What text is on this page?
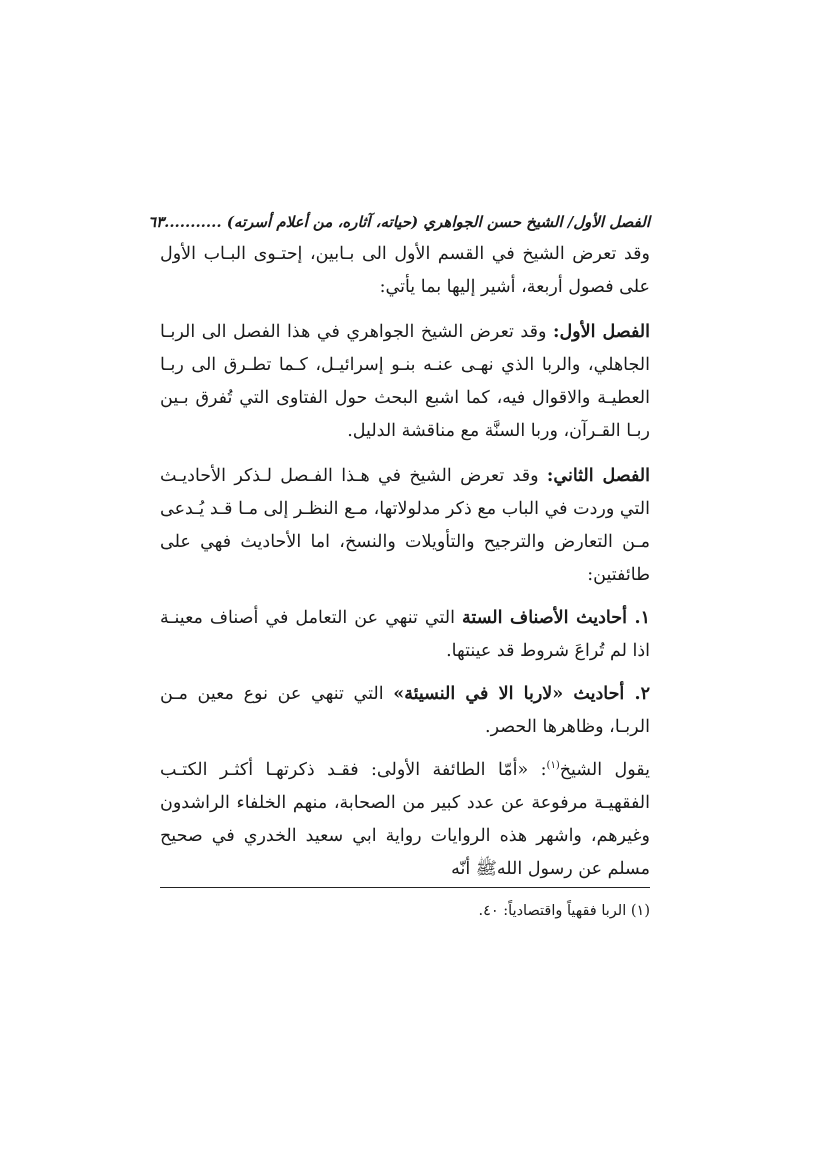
الفصل الأول/ الشيخ حسن الجواهري (حياته، آثاره، من أعلام أسرته) ...........
٦٣

وقد تعرض الشيخ في القسم الأول الى بـابين، إحتـوى البـاب الأول على فصول أربعة، أشير إليها بما يأتي:

الفصل الأول: وقد تعرض الشيخ الجواهري في هذا الفصل الى الربـا الجاهلي، والربا الذي نهـى عنـه بنـو إسرائيـل، كـما تطـرق الى ربـا العطيـة والاقوال فيه، كما اشبع البحث حول الفتاوى التي تُفرق بـين ربـا القـرآن، وربا السنَّة مع مناقشة الدليل.

الفصل الثاني: وقد تعرض الشيخ في هـذا الفـصل لـذكر الأحاديـث التي وردت في الباب مع ذكر مدلولاتها، مـع النظـر إلى مـا قـد يُـدعى مـن التعارض والترجيح والتأويلات والنسخ، اما الأحاديث فهي على طائفتين:

١. أحاديث الأصناف الستة التي تنهي عن التعامل في أصناف معينـة اذا لم تُراعَ شروط قد عينتها.

٢. أحاديث «لاربا الا في النسيئة» التي تنهي عن نوع معين مـن الربـا، وظاهرها الحصر.

يقول الشيخ$^{(١)}$: «أمّا الطائفة الأولى: فقـد ذكرتهـا أكثـر الكتـب الفقهيـة مرفوعة عن عدد كبير من الصحابة، منهم الخلفاء الراشدون وغيرهم، واشهر هذه الروايات رواية ابي سعيد الخدري في صحيح مسلم عن رسول اللهﷺ أنّه

(١) الربا فقهياً واقتصادياً: ٤٠.
